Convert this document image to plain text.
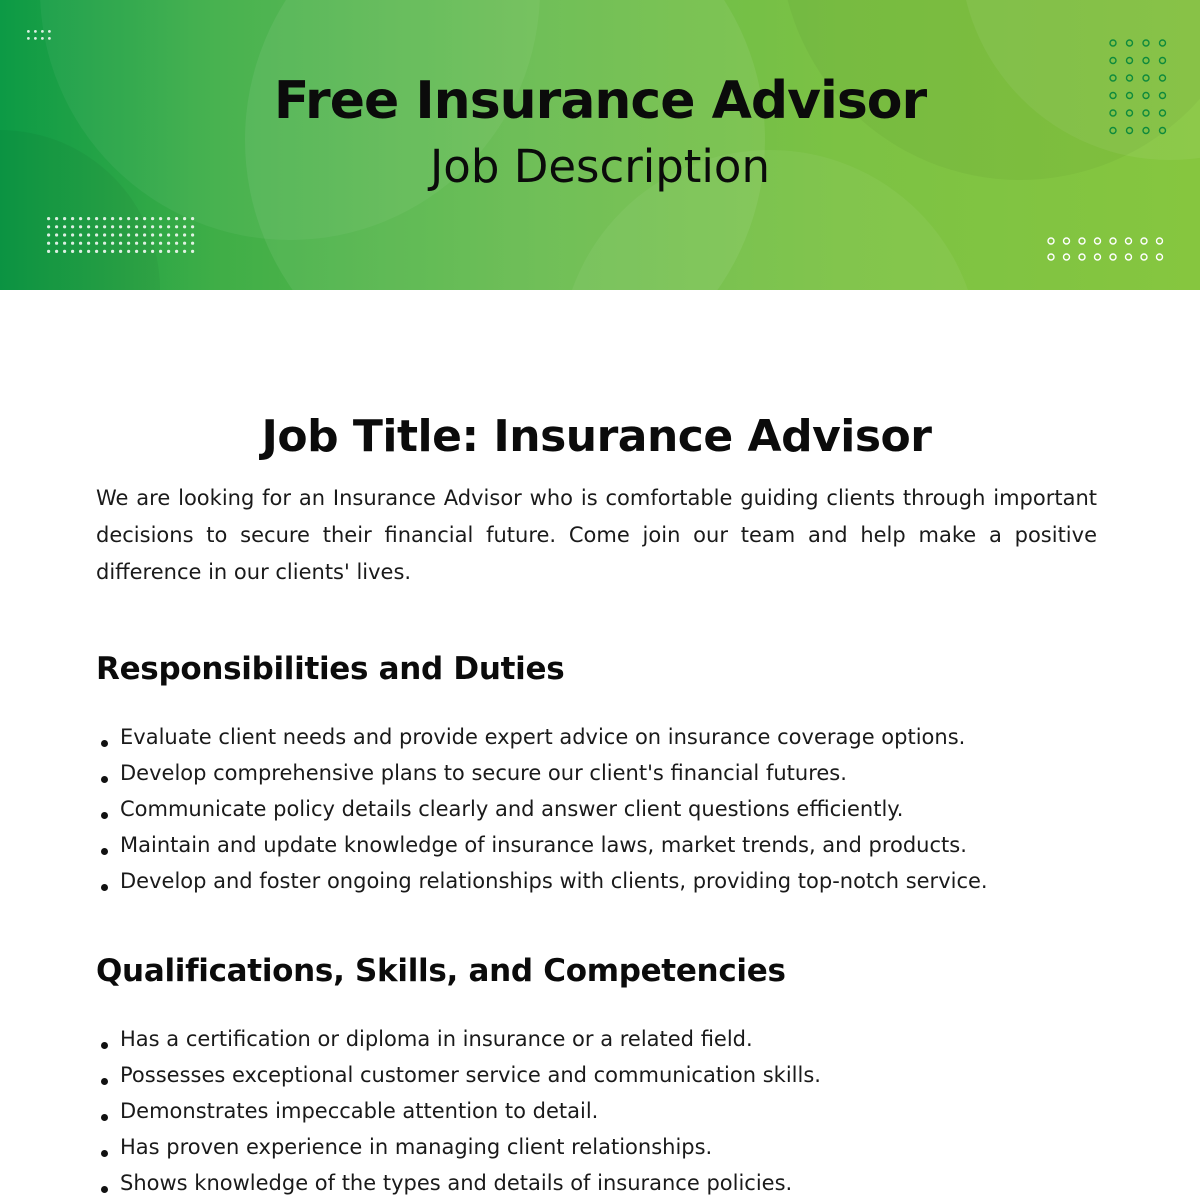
Free Insurance Advisor
Job Description
Job Title: Insurance Advisor

We are looking for an Insurance Advisor who is comfortable guiding clients through important decisions to secure their financial future. Come join our team and help make a positive difference in our clients' lives.

Responsibilities and Duties
Evaluate client needs and provide expert advice on insurance coverage options.
Develop comprehensive plans to secure our client's financial futures.
Communicate policy details clearly and answer client questions efficiently.
Maintain and update knowledge of insurance laws, market trends, and products.
Develop and foster ongoing relationships with clients, providing top-notch service.
Qualifications, Skills, and Competencies
Has a certification or diploma in insurance or a related field.
Possesses exceptional customer service and communication skills.
Demonstrates impeccable attention to detail.
Has proven experience in managing client relationships.
Shows knowledge of the types and details of insurance policies.
